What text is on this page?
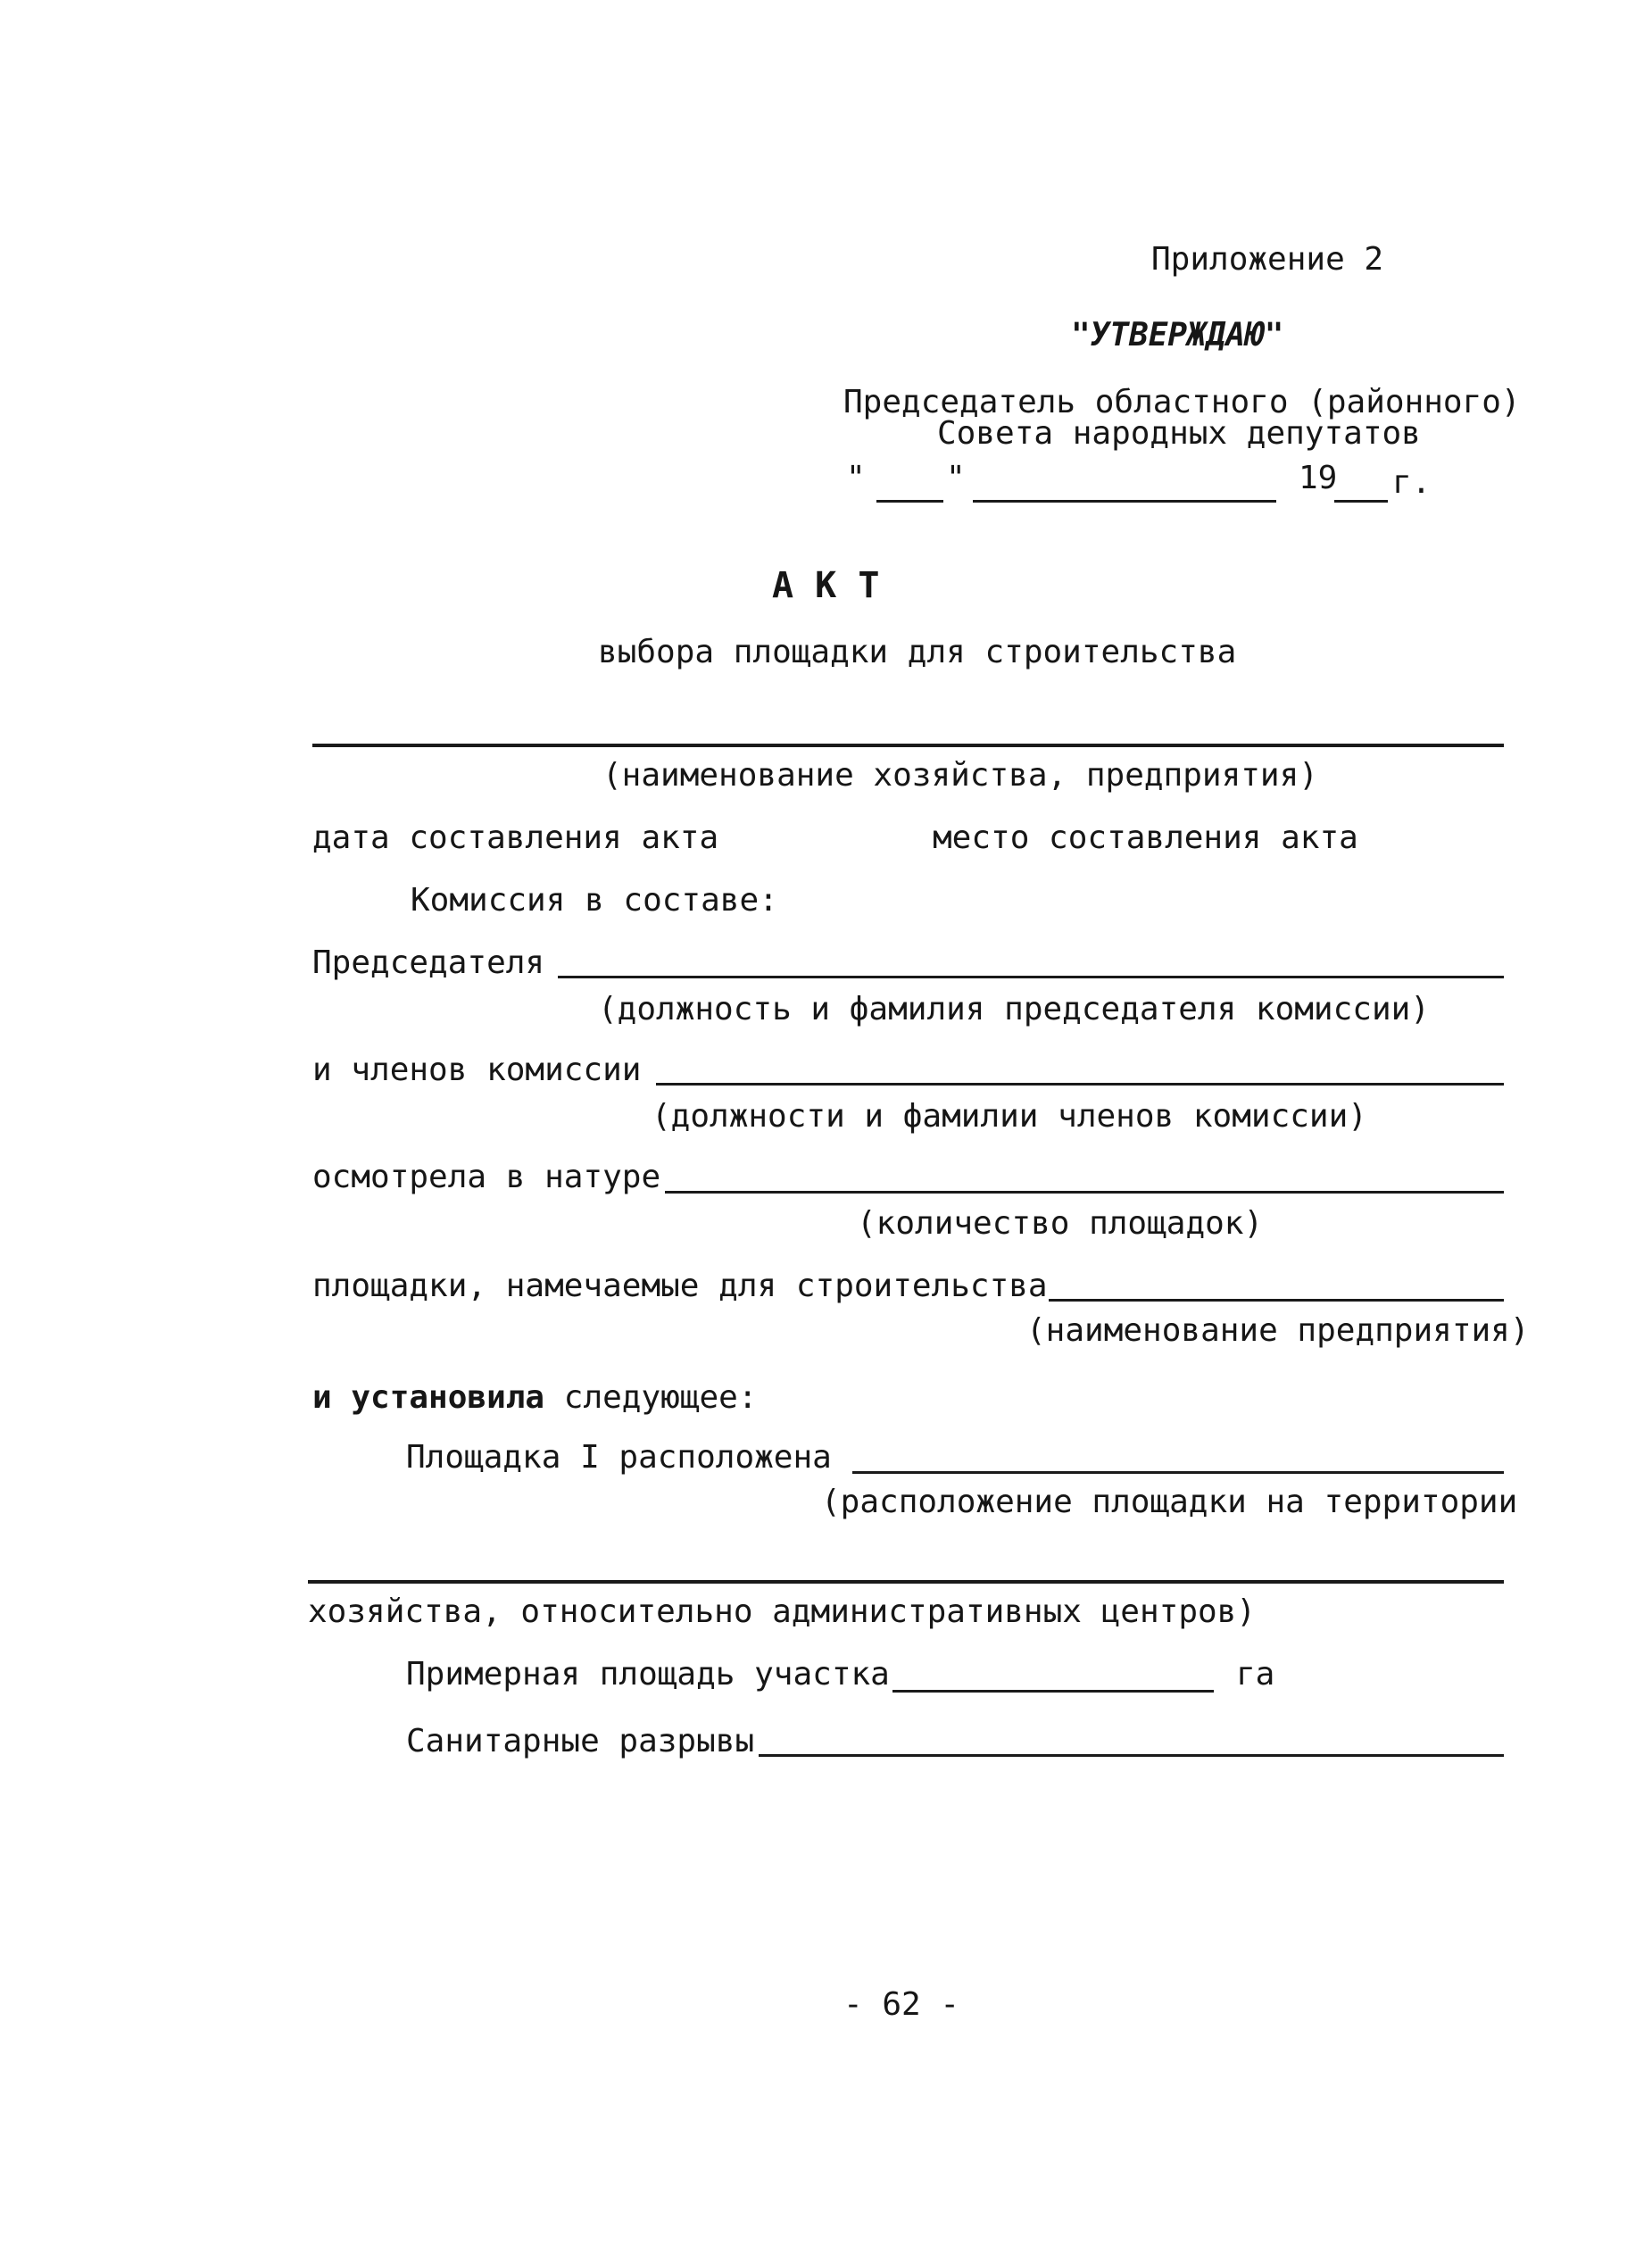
Приложение 2
"УТВЕРЖДАЮ"
Председатель областного (районного)
Совета народных депутатов
"	"	19 г.
А К Т
выбора площадки для строительства
(наименование хозяйства, предприятия)
дата составления акта	место составления акта
Комиссия в составе:
Председателя
(должность и фамилия председателя комиссии)
и членов комиссии
(должности и фамилии членов комиссии)
осмотрела в натуре
(количество площадок)
площадки, намечаемые для строительства
(наименование предприятия)
и установила следующее:
Площадка I расположена
(расположение площадки на территории
хозяйства, относительно административных центров)
Примерная площадь участка	га
Санитарные разрывы
- 62 -
